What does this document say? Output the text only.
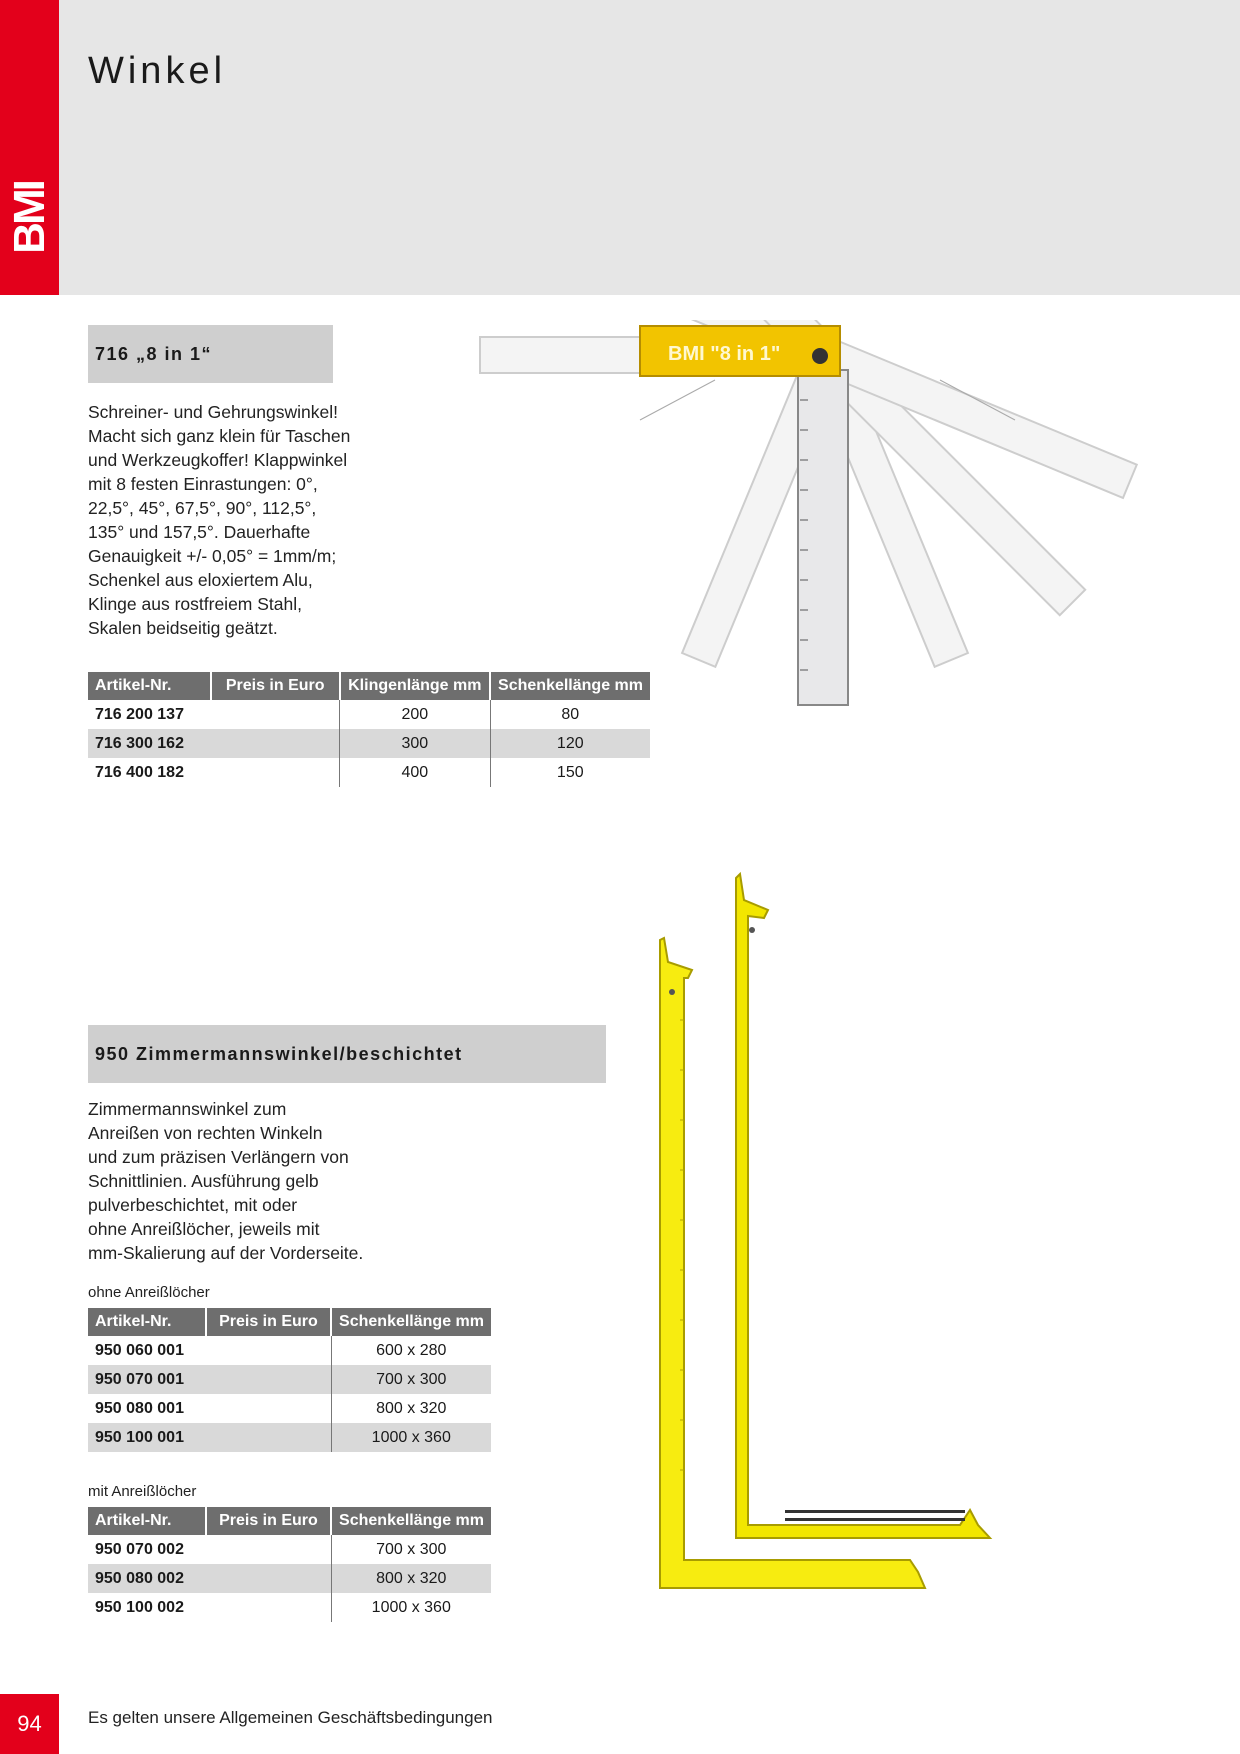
BMI
Winkel
716 „8 in 1“
Schreiner- und Gehrungswinkel!
Macht sich ganz klein für Taschen
und Werkzeugkoffer! Klappwinkel
mit 8 festen Einrastungen: 0°,
22,5°, 45°, 67,5°, 90°, 112,5°,
135° und 157,5°. Dauerhafte
Genauigkeit +/- 0,05° = 1mm/m;
Schenkel aus eloxiertem Alu,
Klinge aus rostfreiem Stahl,
Skalen beidseitig geätzt.
Artikel-Nr.	Preis in Euro	Klingenlänge mm	Schenkellänge mm
716 200 137		200	80
716 300 162		300	120
716 400 182		400	150
BMI "8 in 1"
950 Zimmermannswinkel/beschichtet
Zimmermannswinkel zum
Anreißen von rechten Winkeln
und zum präzisen Verlängern von
Schnittlinien. Ausführung gelb
pulverbeschichtet, mit oder
ohne Anreißlöcher, jeweils mit
mm-Skalierung auf der Vorderseite.
ohne Anreißlöcher
Artikel-Nr.	Preis in Euro	Schenkellänge mm
950 060 001		600 x 280
950 070 001		700 x 300
950 080 001		800 x 320
950 100 001		1000 x 360
mit Anreißlöcher
Artikel-Nr.	Preis in Euro	Schenkellänge mm
950 070 002		700 x 300
950 080 002		800 x 320
950 100 002		1000 x 360
94	Es gelten unsere Allgemeinen Geschäftsbedingungen
